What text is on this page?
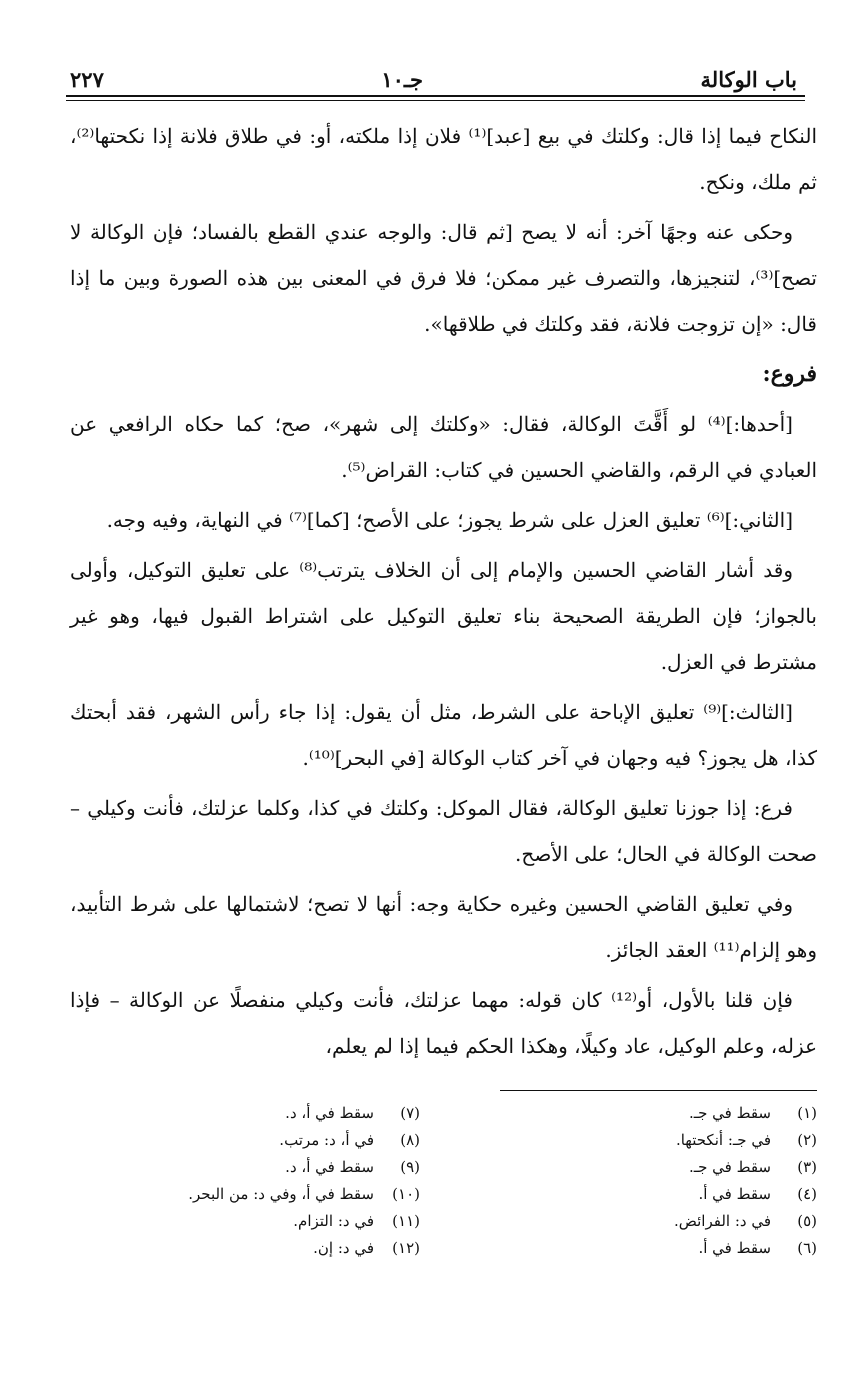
باب الوكالة
جـ١٠
٢٢٧

النكاح فيما إذا قال: وكلتك في بيع [عبد]⁽¹⁾ فلان إذا ملكته، أو: في طلاق فلانة إذا نكحتها⁽²⁾، ثم ملك، ونكح.

وحكى عنه وجهًا آخر: أنه لا يصح [ثم قال: والوجه عندي القطع بالفساد؛ فإن الوكالة لا تصح]⁽³⁾، لتنجيزها، والتصرف غير ممكن؛ فلا فرق في المعنى بين هذه الصورة وبين ما إذا قال: «إن تزوجت فلانة، فقد وكلتك في طلاقها».

فروع:

[أحدها:]⁽⁴⁾ لو أَقَّتَ الوكالة، فقال: «وكلتك إلى شهر»، صح؛ كما حكاه الرافعي عن العبادي في الرقم، والقاضي الحسين في كتاب: القراض⁽⁵⁾.

[الثاني:]⁽⁶⁾ تعليق العزل على شرط يجوز؛ على الأصح؛ [كما]⁽⁷⁾ في النهاية، وفيه وجه.

وقد أشار القاضي الحسين والإمام إلى أن الخلاف يترتب⁽⁸⁾ على تعليق التوكيل، وأولى بالجواز؛ فإن الطريقة الصحيحة بناء تعليق التوكيل على اشتراط القبول فيها، وهو غير مشترط في العزل.

[الثالث:]⁽⁹⁾ تعليق الإباحة على الشرط، مثل أن يقول: إذا جاء رأس الشهر، فقد أبحتك كذا، هل يجوز؟ فيه وجهان في آخر كتاب الوكالة [في البحر]⁽¹⁰⁾.

فرع: إذا جوزنا تعليق الوكالة، فقال الموكل: وكلتك في كذا، وكلما عزلتك، فأنت وكيلي – صحت الوكالة في الحال؛ على الأصح.

وفي تعليق القاضي الحسين وغيره حكاية وجه: أنها لا تصح؛ لاشتمالها على شرط التأبيد، وهو إلزام⁽¹¹⁾ العقد الجائز.

فإن قلنا بالأول، أو⁽¹²⁾ كان قوله: مهما عزلتك، فأنت وكيلي منفصلًا عن الوكالة – فإذا عزله، وعلم الوكيل، عاد وكيلًا، وهكذا الحكم فيما إذا لم يعلم،

(١)سقط في جـ.
(٢)في جـ: أنكحتها.
(٣)سقط في جـ.
(٤)سقط في أ.
(٥)في د: الفرائض.
(٦)سقط في أ.
(٧)سقط في أ، د.
(٨)في أ، د: مرتب.
(٩)سقط في أ، د.
(١٠)سقط في أ، وفي د: من البحر.
(١١)في د: التزام.
(١٢)في د: إن.
